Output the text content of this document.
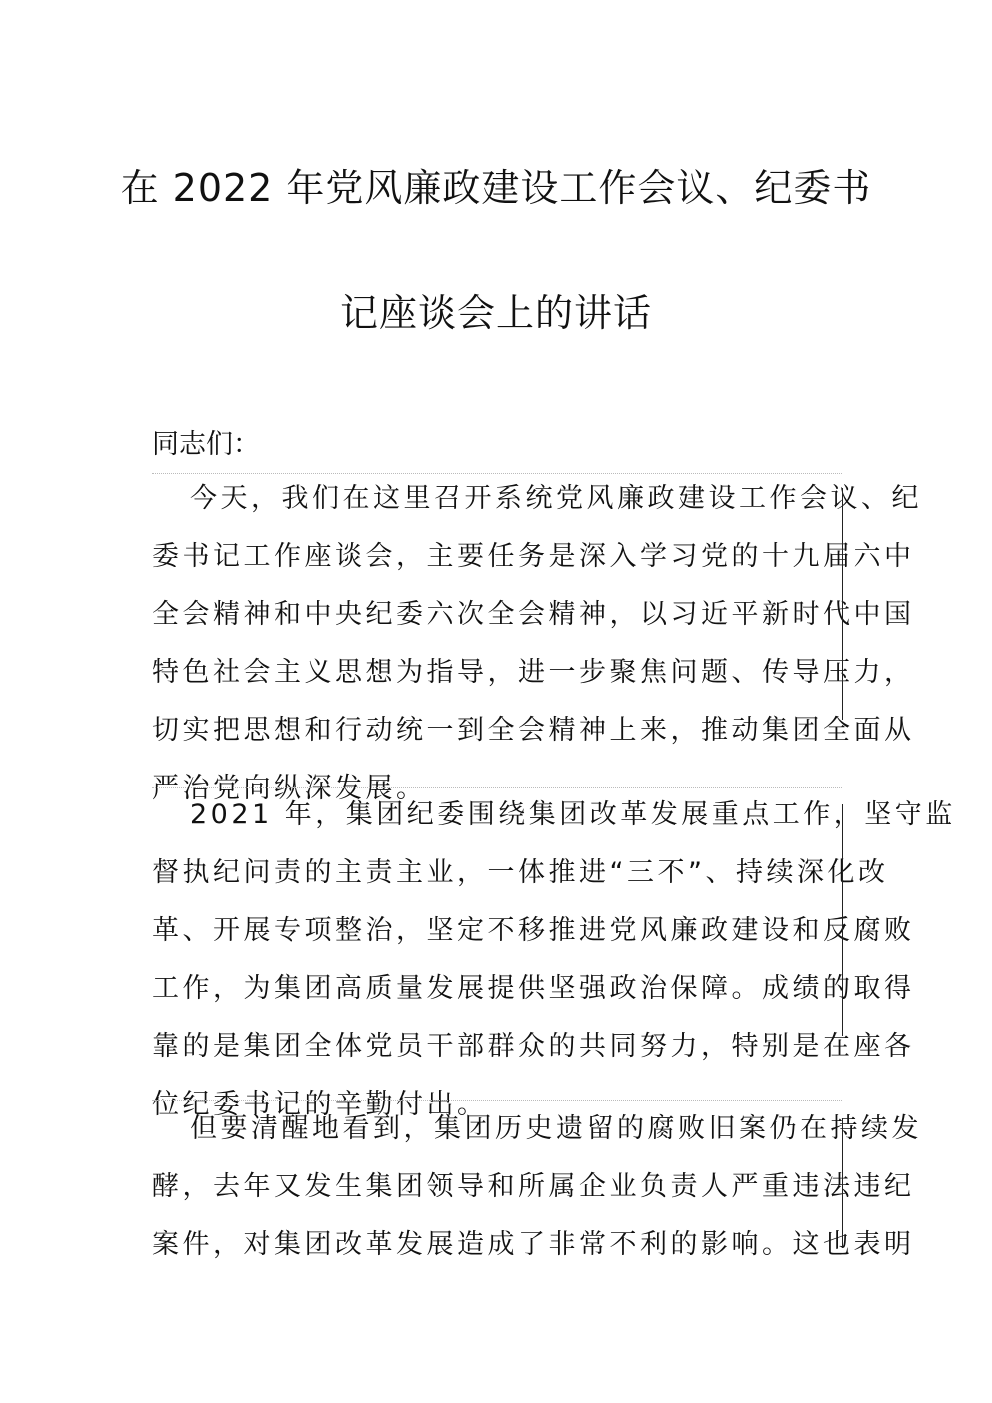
在 2022 年党风廉政建设工作会议、纪委书
记座谈会上的讲话
同志们：
今天，我们在这里召开系统党风廉政建设工作会议、纪
委书记工作座谈会，主要任务是深入学习党的十九届六中
全会精神和中央纪委六次全会精神，以习近平新时代中国
特色社会主义思想为指导，进一步聚焦问题、传导压力，
切实把思想和行动统一到全会精神上来，推动集团全面从
严治党向纵深发展。
2021 年，集团纪委围绕集团改革发展重点工作，坚守监
督执纪问责的主责主业，一体推进“三不”、持续深化改
革、开展专项整治，坚定不移推进党风廉政建设和反腐败
工作，为集团高质量发展提供坚强政治保障。成绩的取得
靠的是集团全体党员干部群众的共同努力，特别是在座各
位纪委书记的辛勤付出。
但要清醒地看到，集团历史遗留的腐败旧案仍在持续发
酵，去年又发生集团领导和所属企业负责人严重违法违纪
案件，对集团改革发展造成了非常不利的影响。这也表明
